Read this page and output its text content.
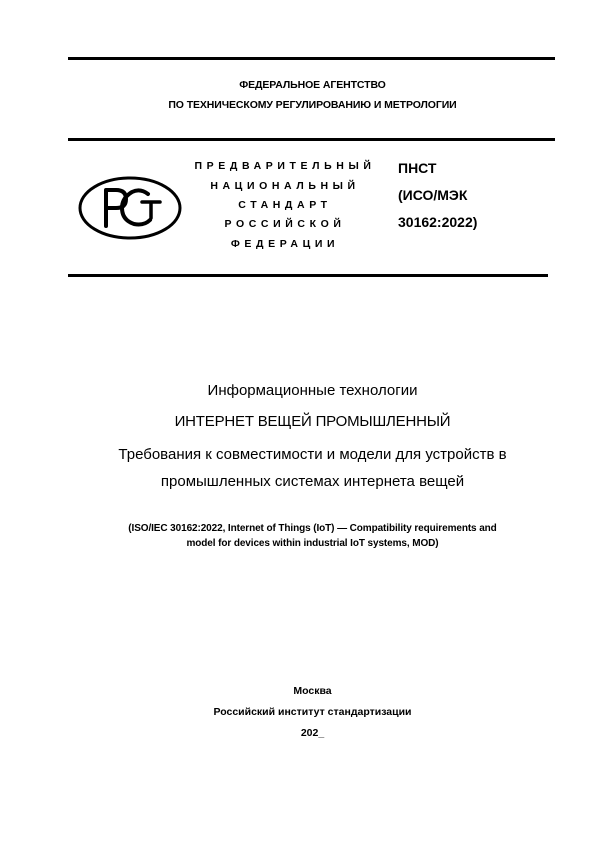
ФЕДЕРАЛЬНОЕ АГЕНТСТВО
ПО ТЕХНИЧЕСКОМУ РЕГУЛИРОВАНИЮ И МЕТРОЛОГИИ
ПРЕДВАРИТЕЛЬНЫЙ
НАЦИОНАЛЬНЫЙ
СТАНДАРТ
РОССИЙСКОЙ
ФЕДЕРАЦИИ
ПНСТ
(ИСО/МЭК
30162:2022)
Информационные технологии
ИНТЕРНЕТ ВЕЩЕЙ ПРОМЫШЛЕННЫЙ
Требования к совместимости и модели для устройств в
промышленных системах интернета вещей
(ISO/IEC 30162:2022, Internet of Things (IoT) — Compatibility requirements and
model for devices within industrial IoT systems, MOD)
Москва
Российский институт стандартизации
202_
